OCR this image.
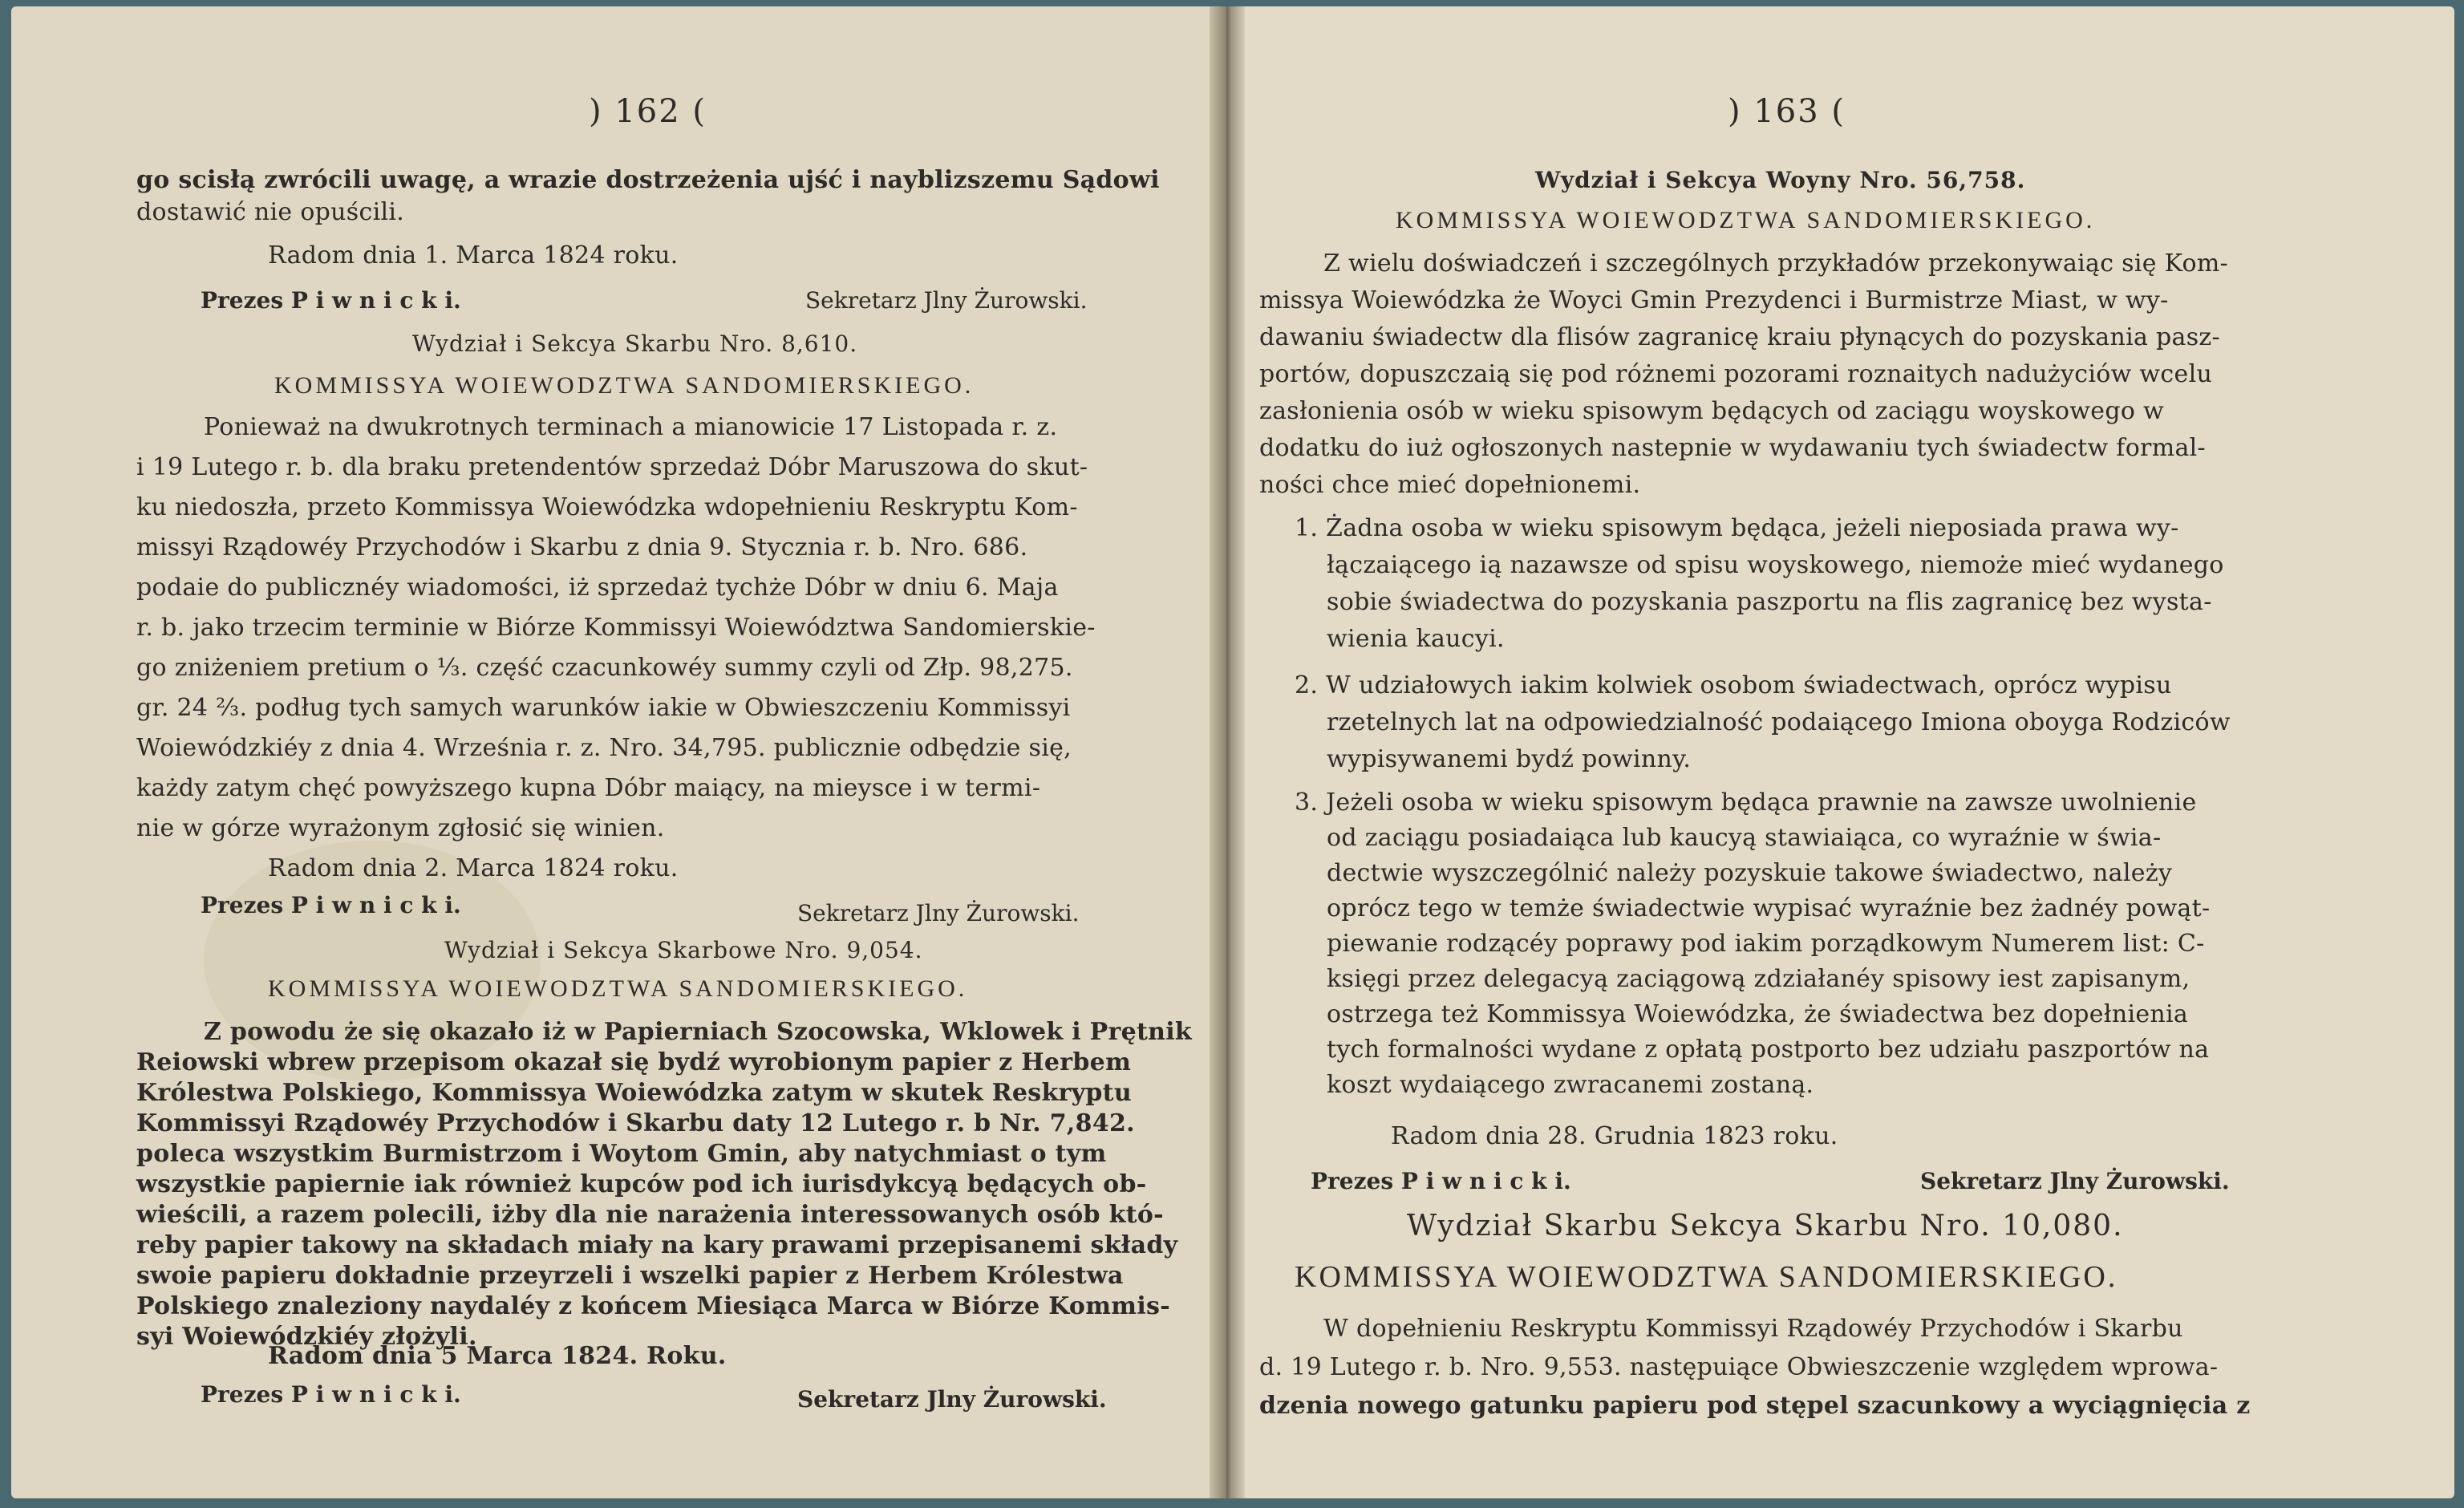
) 162 (
go scisłą zwrócili uwagę, a wrazie dostrzeżenia ujść i nayblizszemu Sądowi
dostawić nie opuścili.
Radom dnia 1. Marca 1824 roku.
Prezes P i w n i c k i.	Sekretarz Jlny Żurowski.
Wydział i Sekcya Skarbu Nro. 8,610.
KOMMISSYA WOIEWODZTWA SANDOMIERSKIEGO.
Ponieważ na dwukrotnych terminach a mianowicie 17 Listopada r. z.
i 19 Lutego r. b. dla braku pretendentów sprzedaż Dóbr Maruszowa do skut-
ku niedoszła, przeto Kommissya Woiewódzka wdopełnieniu Reskryptu Kom-
missyi Rządowéy Przychodów i Skarbu z dnia 9. Stycznia r. b. Nro. 686.
podaie do publicznéy wiadomości, iż sprzedaż tychże Dóbr w dniu 6. Maja
r. b. jako trzecim terminie w Biórze Kommissyi Woiewództwa Sandomierskie-
go zniżeniem pretium o ⅓. część czacunkowéy summy czyli od Złp. 98,275.
gr. 24 ⅔. podług tych samych warunków iakie w Obwieszczeniu Kommissyi
Woiewódzkiéy z dnia 4. Września r. z. Nro. 34,795. publicznie odbędzie się,
każdy zatym chęć powyższego kupna Dóbr maiący, na mieysce i w termi-
nie w górze wyrażonym zgłosić się winien.
Radom dnia 2. Marca 1824 roku.
Prezes P i w n i c k i.	Sekretarz Jlny Żurowski.
Wydział i Sekcya Skarbowe Nro. 9,054.
KOMMISSYA WOIEWODZTWA SANDOMIERSKIEGO.
Z powodu że się okazało iż w Papierniach Szocowska, Wklowek i Prętnik
Reiowski wbrew przepisom okazał się bydź wyrobionym papier z Herbem
Królestwa Polskiego, Kommissya Woiewódzka zatym w skutek Reskryptu
Kommissyi Rządowéy Przychodów i Skarbu daty 12 Lutego r. b Nr. 7,842.
poleca wszystkim Burmistrzom i Woytom Gmin, aby natychmiast o tym
wszystkie papiernie iak również kupców pod ich iurisdykcyą będących ob-
wieścili, a razem polecili, iżby dla nie narażenia interessowanych osób któ-
reby papier takowy na składach miały na kary prawami przepisanemi składy
swoie papieru dokładnie przeyrzeli i wszelki papier z Herbem Królestwa
Polskiego znaleziony naydaléy z końcem Miesiąca Marca w Biórze Kommis-
syi Woiewódzkiéy złożyli.
Radom dnia 5 Marca 1824. Roku.
Prezes P i w n i c k i.	Sekretarz Jlny Żurowski.
) 163 (
Wydział i Sekcya Woyny Nro. 56,758.
KOMMISSYA WOIEWODZTWA SANDOMIERSKIEGO.
Z wielu doświadczeń i szczególnych przykładów przekonywaiąc się Kom-
missya Woiewódzka że Woyci Gmin Prezydenci i Burmistrze Miast, w wy-
dawaniu świadectw dla flisów zagranicę kraiu płynących do pozyskania pasz-
portów, dopuszczaią się pod różnemi pozorami roznaitych nadużyciów wcelu
zasłonienia osób w wieku spisowym będących od zaciągu woyskowego w
dodatku do iuż ogłoszonych nastepnie w wydawaniu tych świadectw formal-
ności chce mieć dopełnionemi.
1. Żadna osoba w wieku spisowym będąca, jeżeli nieposiada prawa wy-
łączaiącego ią nazawsze od spisu woyskowego, niemoże mieć wydanego
sobie świadectwa do pozyskania paszportu na flis zagranicę bez wysta-
wienia kaucyi.
2. W udziałowych iakim kolwiek osobom świadectwach, oprócz wypisu
rzetelnych lat na odpowiedzialność podaiącego Imiona oboyga Rodziców
wypisywanemi bydź powinny.
3. Jeżeli osoba w wieku spisowym będąca prawnie na zawsze uwolnienie
od zaciągu posiadaiąca lub kaucyą stawiaiąca, co wyraźnie w świa-
dectwie wyszczególnić należy pozyskuie takowe świadectwo, należy
oprócz tego w temże świadectwie wypisać wyraźnie bez żadnéy powąt-
piewanie rodzącéy poprawy pod iakim porządkowym Numerem list: C-
księgi przez delegacyą zaciągową zdziałanéy spisowy iest zapisanym,
ostrzega też Kommissya Woiewódzka, że świadectwa bez dopełnienia
tych formalności wydane z opłatą postporto bez udziału paszportów na
koszt wydaiącego zwracanemi zostaną.
Radom dnia 28. Grudnia 1823 roku.
Prezes P i w n i c k i.	Sekretarz Jlny Żurowski.
Wydział Skarbu Sekcya Skarbu Nro. 10,080.
KOMMISSYA WOIEWODZTWA SANDOMIERSKIEGO.
W dopełnieniu Reskryptu Kommissyi Rządowéy Przychodów i Skarbu
d. 19 Lutego r. b. Nro. 9,553. następuiące Obwieszczenie względem wprowa-
dzenia nowego gatunku papieru pod stępel szacunkowy a wyciągnięcia z
